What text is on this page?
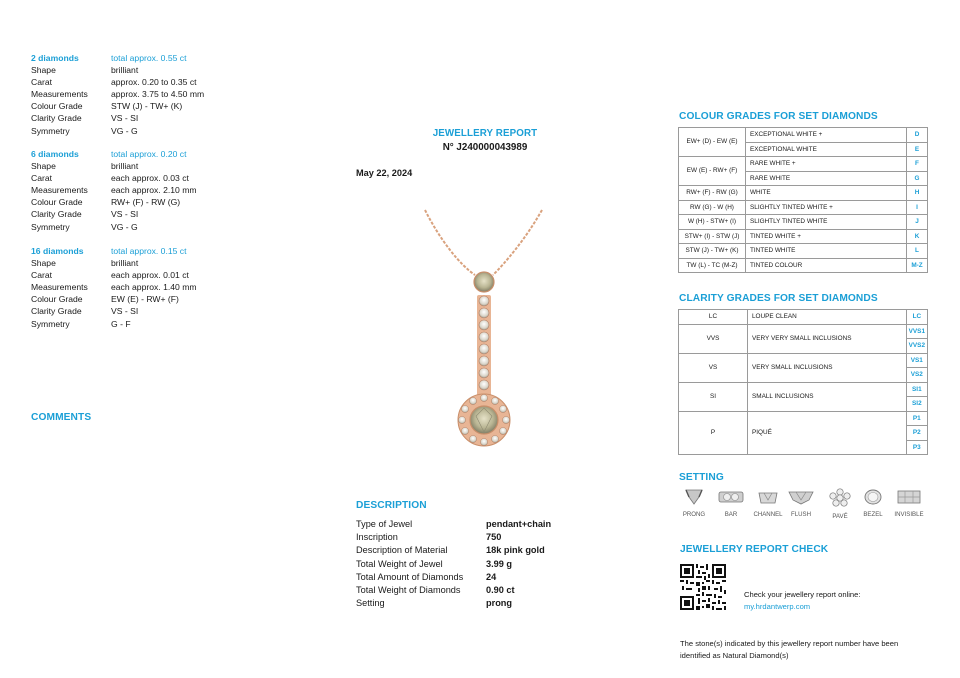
2 diamonds	total approx. 0.55 ct
Shape	brilliant
Carat	approx. 0.20 to 0.35 ct
Measurements	approx. 3.75 to 4.50 mm
Colour Grade	STW (J) - TW+ (K)
Clarity Grade	VS - SI
Symmetry	VG - G
6 diamonds	total approx. 0.20 ct
Shape	brilliant
Carat	each approx. 0.03 ct
Measurements	each approx. 2.10 mm
Colour Grade	RW+ (F) - RW (G)
Clarity Grade	VS - SI
Symmetry	VG - G
16 diamonds	total approx. 0.15 ct
Shape	brilliant
Carat	each approx. 0.01 ct
Measurements	each approx. 1.40 mm
Colour Grade	EW (E) - RW+ (F)
Clarity Grade	VS - SI
Symmetry	G - F
COMMENTS
JEWELLERY REPORT
N° J240000043989
May 22, 2024
DESCRIPTION
Type of Jewel	pendant+chain
Inscription	750
Description of Material	18k pink gold
Total Weight of Jewel	3.99 g
Total Amount of Diamonds	24
Total Weight of Diamonds	0.90 ct
Setting	prong
COLOUR GRADES FOR SET DIAMONDS
EW+ (D) - EW (E)	EXCEPTIONAL WHITE +	D
	EXCEPTIONAL WHITE	E
EW (E) - RW+ (F)	RARE WHITE +	F
	RARE WHITE	G
RW+ (F) - RW (G)	WHITE	H
RW (G) - W (H)	SLIGHTLY TINTED WHITE +	I
W (H) - STW+ (I)	SLIGHTLY TINTED WHITE	J
STW+ (I) - STW (J)	TINTED WHITE +	K
STW (J) - TW+ (K)	TINTED WHITE	L
TW (L) - TC (M-Z)	TINTED COLOUR	M-Z
CLARITY GRADES FOR SET DIAMONDS
LC	LOUPE CLEAN	LC
VVS	VERY VERY SMALL INCLUSIONS	VVS1
		VVS2
VS	VERY SMALL INCLUSIONS	VS1
		VS2
SI	SMALL INCLUSIONS	SI1
		SI2
P	PIQUÉ	P1
		P2
		P3
SETTING
PRONG	BAR	CHANNEL	FLUSH	PAVÉ	BEZEL	INVISIBLE
JEWELLERY REPORT CHECK
Check your jewellery report online:
my.hrdantwerp.com
The stone(s) indicated by this jewellery report number have been
identified as Natural Diamond(s)
